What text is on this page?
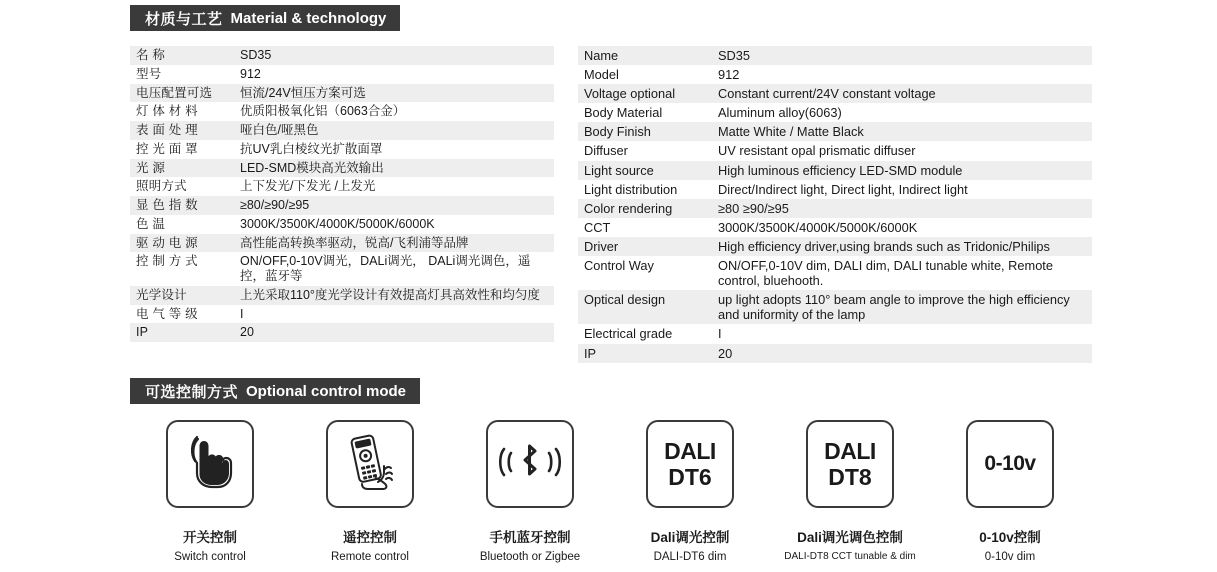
材质与工艺 Material & technology
名 称	SD35
型号	912
电压配置可选	恒流/24V恒压方案可选
灯 体 材 料	优质阳极氧化铝（6063合金）
表 面 处 理	哑白色/哑黑色
控 光 面 罩	抗UV乳白棱纹光扩散面罩
光 源	LED-SMD模块高光效输出
照明方式	上下发光/下发光 /上发光
显 色 指 数	≥80/≥90/≥95
色 温	3000K/3500K/4000K/5000K/6000K
驱 动 电 源	高性能高转换率驱动，锐高/飞利浦等品牌
控 制 方 式	ON/OFF,0-10V调光，DALi调光， DALi调光调色，遥控，蓝牙等
光学设计	上光采取110°度光学设计有效提高灯具高效性和均匀度
电 气 等 级	I
IP	20
Name	SD35
Model	912
Voltage optional	Constant current/24V constant voltage
Body Material	Aluminum alloy(6063)
Body Finish	Matte White / Matte Black
Diffuser	UV resistant opal prismatic diffuser
Light source	High luminous efficiency LED-SMD module
Light distribution	Direct/Indirect light, Direct light, Indirect light
Color rendering	≥80 ≥90/≥95
CCT	3000K/3500K/4000K/5000K/6000K
Driver	High efficiency driver,using brands such as Tridonic/Philips
Control Way	ON/OFF,0-10V dim, DALI dim, DALI tunable white, Remote control, bluehooth.
Optical design	up light adopts 110° beam angle to improve the high efficiency and uniformity of the lamp
Electrical grade	I
IP	20
可选控制方式 Optional control mode
开关控制
Switch control
遥控控制
Remote control
手机蓝牙控制
Bluetooth or Zigbee
DALI
DT6
Dali调光控制
DALI-DT6 dim
DALI
DT8
Dali调光调色控制
DALI-DT8 CCT tunable & dim
0-10v
0-10v控制
0-10v dim
